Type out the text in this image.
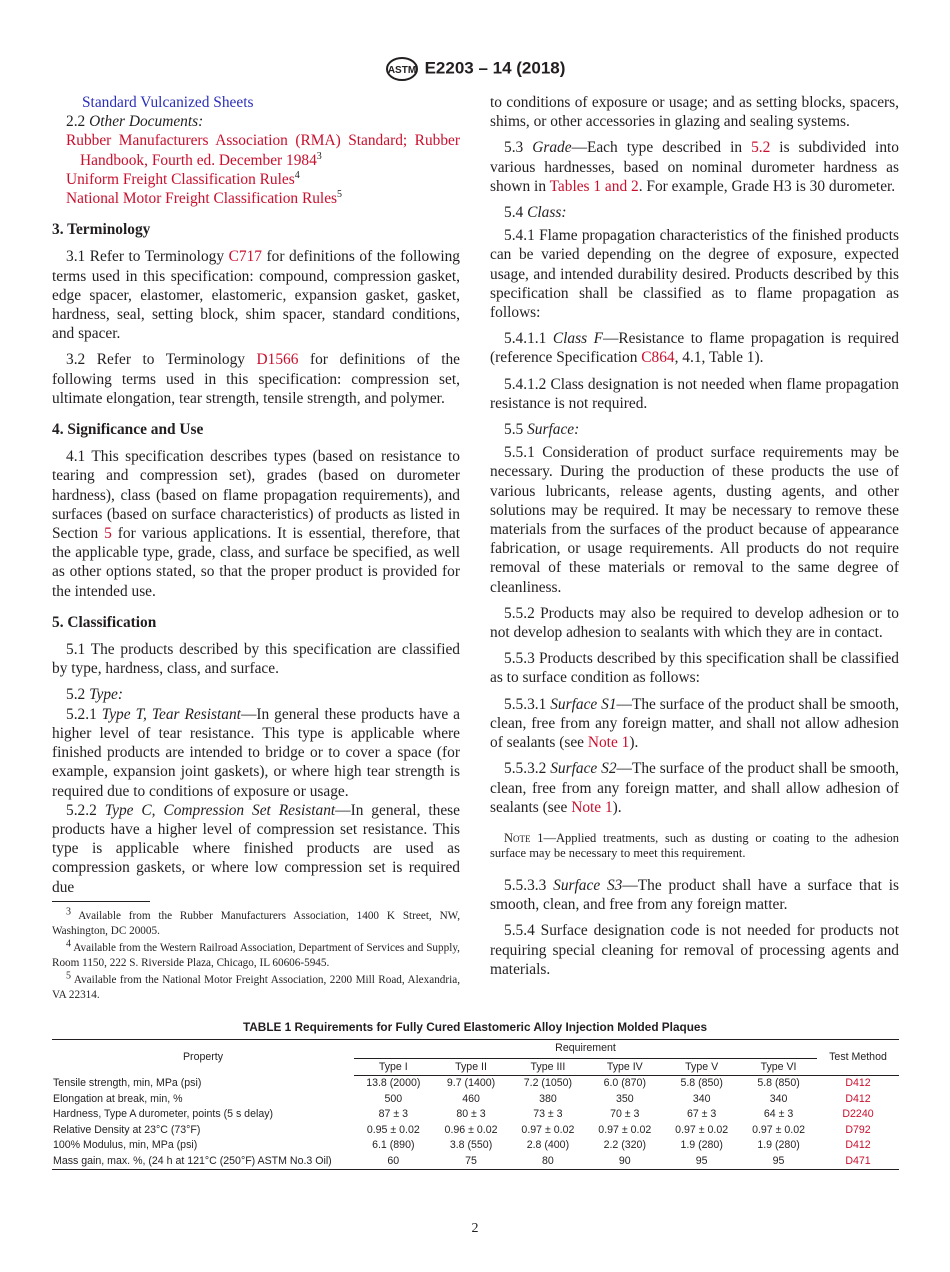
ASTM E2203 – 14 (2018)

Standard Vulcanized Sheets

2.2 Other Documents:

Rubber Manufacturers Association (RMA) Standard; Rubber Handbook, Fourth ed. December 1984$^3$

Uniform Freight Classification Rules$^4$

National Motor Freight Classification Rules$^5$

3. Terminology

3.1 Refer to Terminology C717 for definitions of the following terms used in this specification: compound, compression gasket, edge spacer, elastomer, elastomeric, expansion gasket, gasket, hardness, seal, setting block, shim spacer, standard conditions, and spacer.

3.2 Refer to Terminology D1566 for definitions of the following terms used in this specification: compression set, ultimate elongation, tear strength, tensile strength, and polymer.

4. Significance and Use

4.1 This specification describes types (based on resistance to tearing and compression set), grades (based on durometer hardness), class (based on flame propagation requirements), and surfaces (based on surface characteristics) of products as listed in Section 5 for various applications. It is essential, therefore, that the applicable type, grade, class, and surface be specified, as well as other options stated, so that the proper product is provided for the intended use.

5. Classification

5.1 The products described by this specification are classified by type, hardness, class, and surface.

5.2 Type:

5.2.1 Type T, Tear Resistant—In general these products have a higher level of tear resistance. This type is applicable where finished products are intended to bridge or to cover a space (for example, expansion joint gaskets), or where high tear strength is required due to conditions of exposure or usage.

5.2.2 Type C, Compression Set Resistant—In general, these products have a higher level of compression set resistance. This type is applicable where finished products are used as compression gaskets, or where low compression set is required due

$^3$ Available from the Rubber Manufacturers Association, 1400 K Street, NW, Washington, DC 20005.

$^4$ Available from the Western Railroad Association, Department of Services and Supply, Room 1150, 222 S. Riverside Plaza, Chicago, IL 60606-5945.

$^5$ Available from the National Motor Freight Association, 2200 Mill Road, Alexandria, VA 22314.

to conditions of exposure or usage; and as setting blocks, spacers, shims, or other accessories in glazing and sealing systems.

5.3 Grade—Each type described in 5.2 is subdivided into various hardnesses, based on nominal durometer hardness as shown in Tables 1 and 2. For example, Grade H3 is 30 durometer.

5.4 Class:

5.4.1 Flame propagation characteristics of the finished products can be varied depending on the degree of exposure, expected usage, and intended durability desired. Products described by this specification shall be classified as to flame propagation as follows:

5.4.1.1 Class F—Resistance to flame propagation is required (reference Specification C864, 4.1, Table 1).

5.4.1.2 Class designation is not needed when flame propagation resistance is not required.

5.5 Surface:

5.5.1 Consideration of product surface requirements may be necessary. During the production of these products the use of various lubricants, release agents, dusting agents, and other solutions may be required. It may be necessary to remove these materials from the surfaces of the product because of appearance fabrication, or usage requirements. All products do not require removal of these materials or removal to the same degree of cleanliness.

5.5.2 Products may also be required to develop adhesion or to not develop adhesion to sealants with which they are in contact.

5.5.3 Products described by this specification shall be classified as to surface condition as follows:

5.5.3.1 Surface S1—The surface of the product shall be smooth, clean, free from any foreign matter, and shall not allow adhesion of sealants (see Note 1).

5.5.3.2 Surface S2—The surface of the product shall be smooth, clean, free from any foreign matter, and shall allow adhesion of sealants (see Note 1).

Note 1—Applied treatments, such as dusting or coating to the adhesion surface may be necessary to meet this requirement.

5.5.3.3 Surface S3—The product shall have a surface that is smooth, clean, and free from any foreign matter.

5.5.4 Surface designation code is not needed for products not requiring special cleaning for removal of processing agents and materials.

TABLE 1 Requirements for Fully Cured Elastomeric Alloy Injection Molded Plaques
Property	Requirement						Test Method
	Type I	Type II	Type III	Type IV	Type V	Type VI	
Tensile strength, min, MPa (psi)	13.8 (2000)	9.7 (1400)	7.2 (1050)	6.0 (870)	5.8 (850)	5.8 (850)	D412
Elongation at break, min, %	500	460	380	350	340	340	D412
Hardness, Type A durometer, points (5 s delay)	87 ± 3	80 ± 3	73 ± 3	70 ± 3	67 ± 3	64 ± 3	D2240
Relative Density at 23°C (73°F)	0.95 ± 0.02	0.96 ± 0.02	0.97 ± 0.02	0.97 ± 0.02	0.97 ± 0.02	0.97 ± 0.02	D792
100% Modulus, min, MPa (psi)	6.1 (890)	3.8 (550)	2.8 (400)	2.2 (320)	1.9 (280)	1.9 (280)	D412
Mass gain, max. %, (24 h at 121°C (250°F) ASTM No.3 Oil)	60	75	80	90	95	95	D471
2
